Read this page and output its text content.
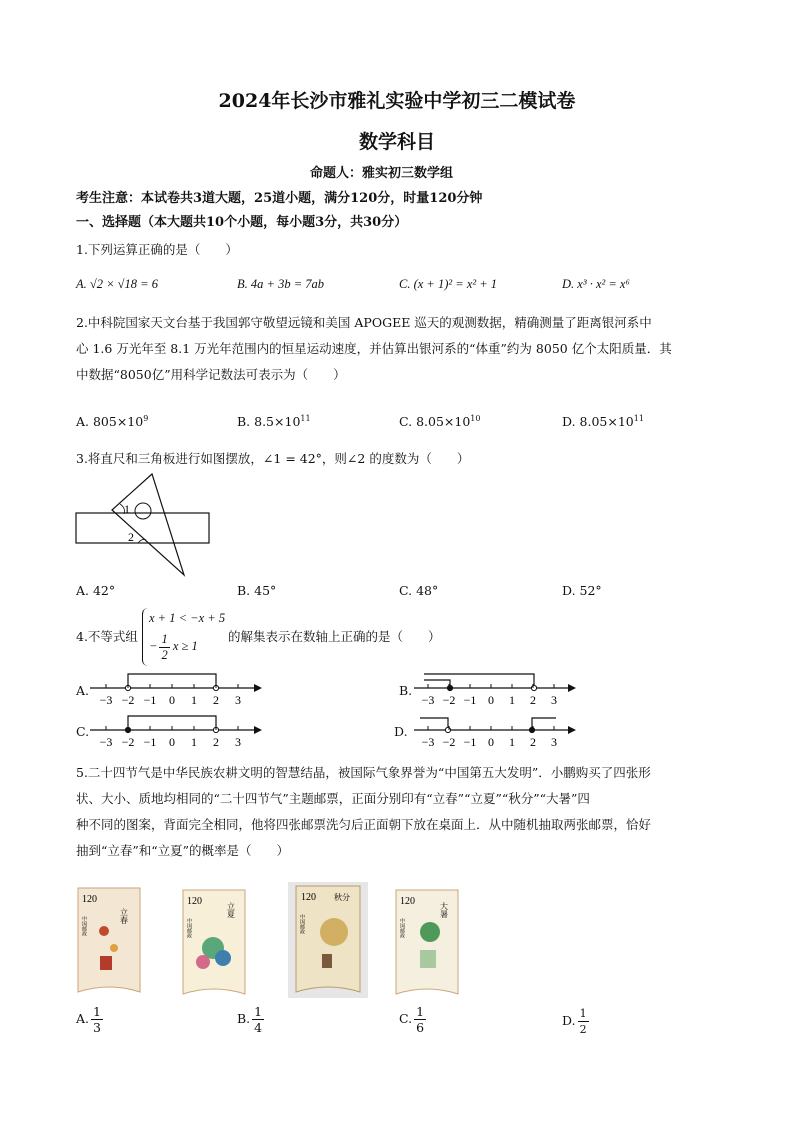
2024年长沙市雅礼实验中学初三二模试卷
数学科目
命题人：雅实初三数学组
考生注意：本试卷共3道大题，25道小题，满分120分，时量120分钟
一、选择题（本大题共10个小题，每小题3分，共30分）
1.下列运算正确的是（　　）
A. √2 × √18 = 6	B. 4a + 3b = 7ab	C. (x + 1)² = x² + 1	D. x³ · x² = x⁶
2.中科院国家天文台基于我国郭守敬望远镜和美国 APOGEE 巡天的观测数据，精确测量了距离银河系中
心 1.6 万光年至 8.1 万光年范围内的恒星运动速度，并估算出银河系的“体重”约为 8050 亿个太阳质量．其
中数据“8050亿”用科学记数法可表示为（　　）
A. $805\times 10^9$	B. $8.5\times 10^{11}$	C. $8.05\times 10^{10}$	D. $8.05\times 10^{11}$
3.将直尺和三角板进行如图摆放，∠1 = 42°，则∠2 的度数为（　　）
1
2
A. 42°	B. 45°	C. 48°	D. 52°
4.不等式组
x + 1 < −x + 5
− $\frac{1}{2}$ x ≥ 1
的解集表示在数轴上正确的是（　　）
A.	B.
C.	D.
−3 −2 −1 0 1 2 3	−3 −2 −1 0 1 2 3
−3 −2 −1 0 1 2 3	−3 −2 −1 0 1 2 3
5.二十四节气是中华民族农耕文明的智慧结晶，被国际气象界誉为“中国第五大发明”．小鹏购买了四张形
状、大小、质地均相同的“二十四节气”主题邮票，正面分别印有“立春”“立夏”“秋分”“大暑”四
种不同的图案，背面完全相同，他将四张邮票洗匀后正面朝下放在桌面上．从中随机抽取两张邮票，恰好
抽到“立春”和“立夏”的概率是（　　）
120
立春
中国邮政
120
立夏
中国邮政
120 秋分
中国邮政
120
大暑
中国邮政
A. $\frac{1}{3}$	B. $\frac{1}{4}$	C. $\frac{1}{6}$	D. $\frac{1}{2}$
